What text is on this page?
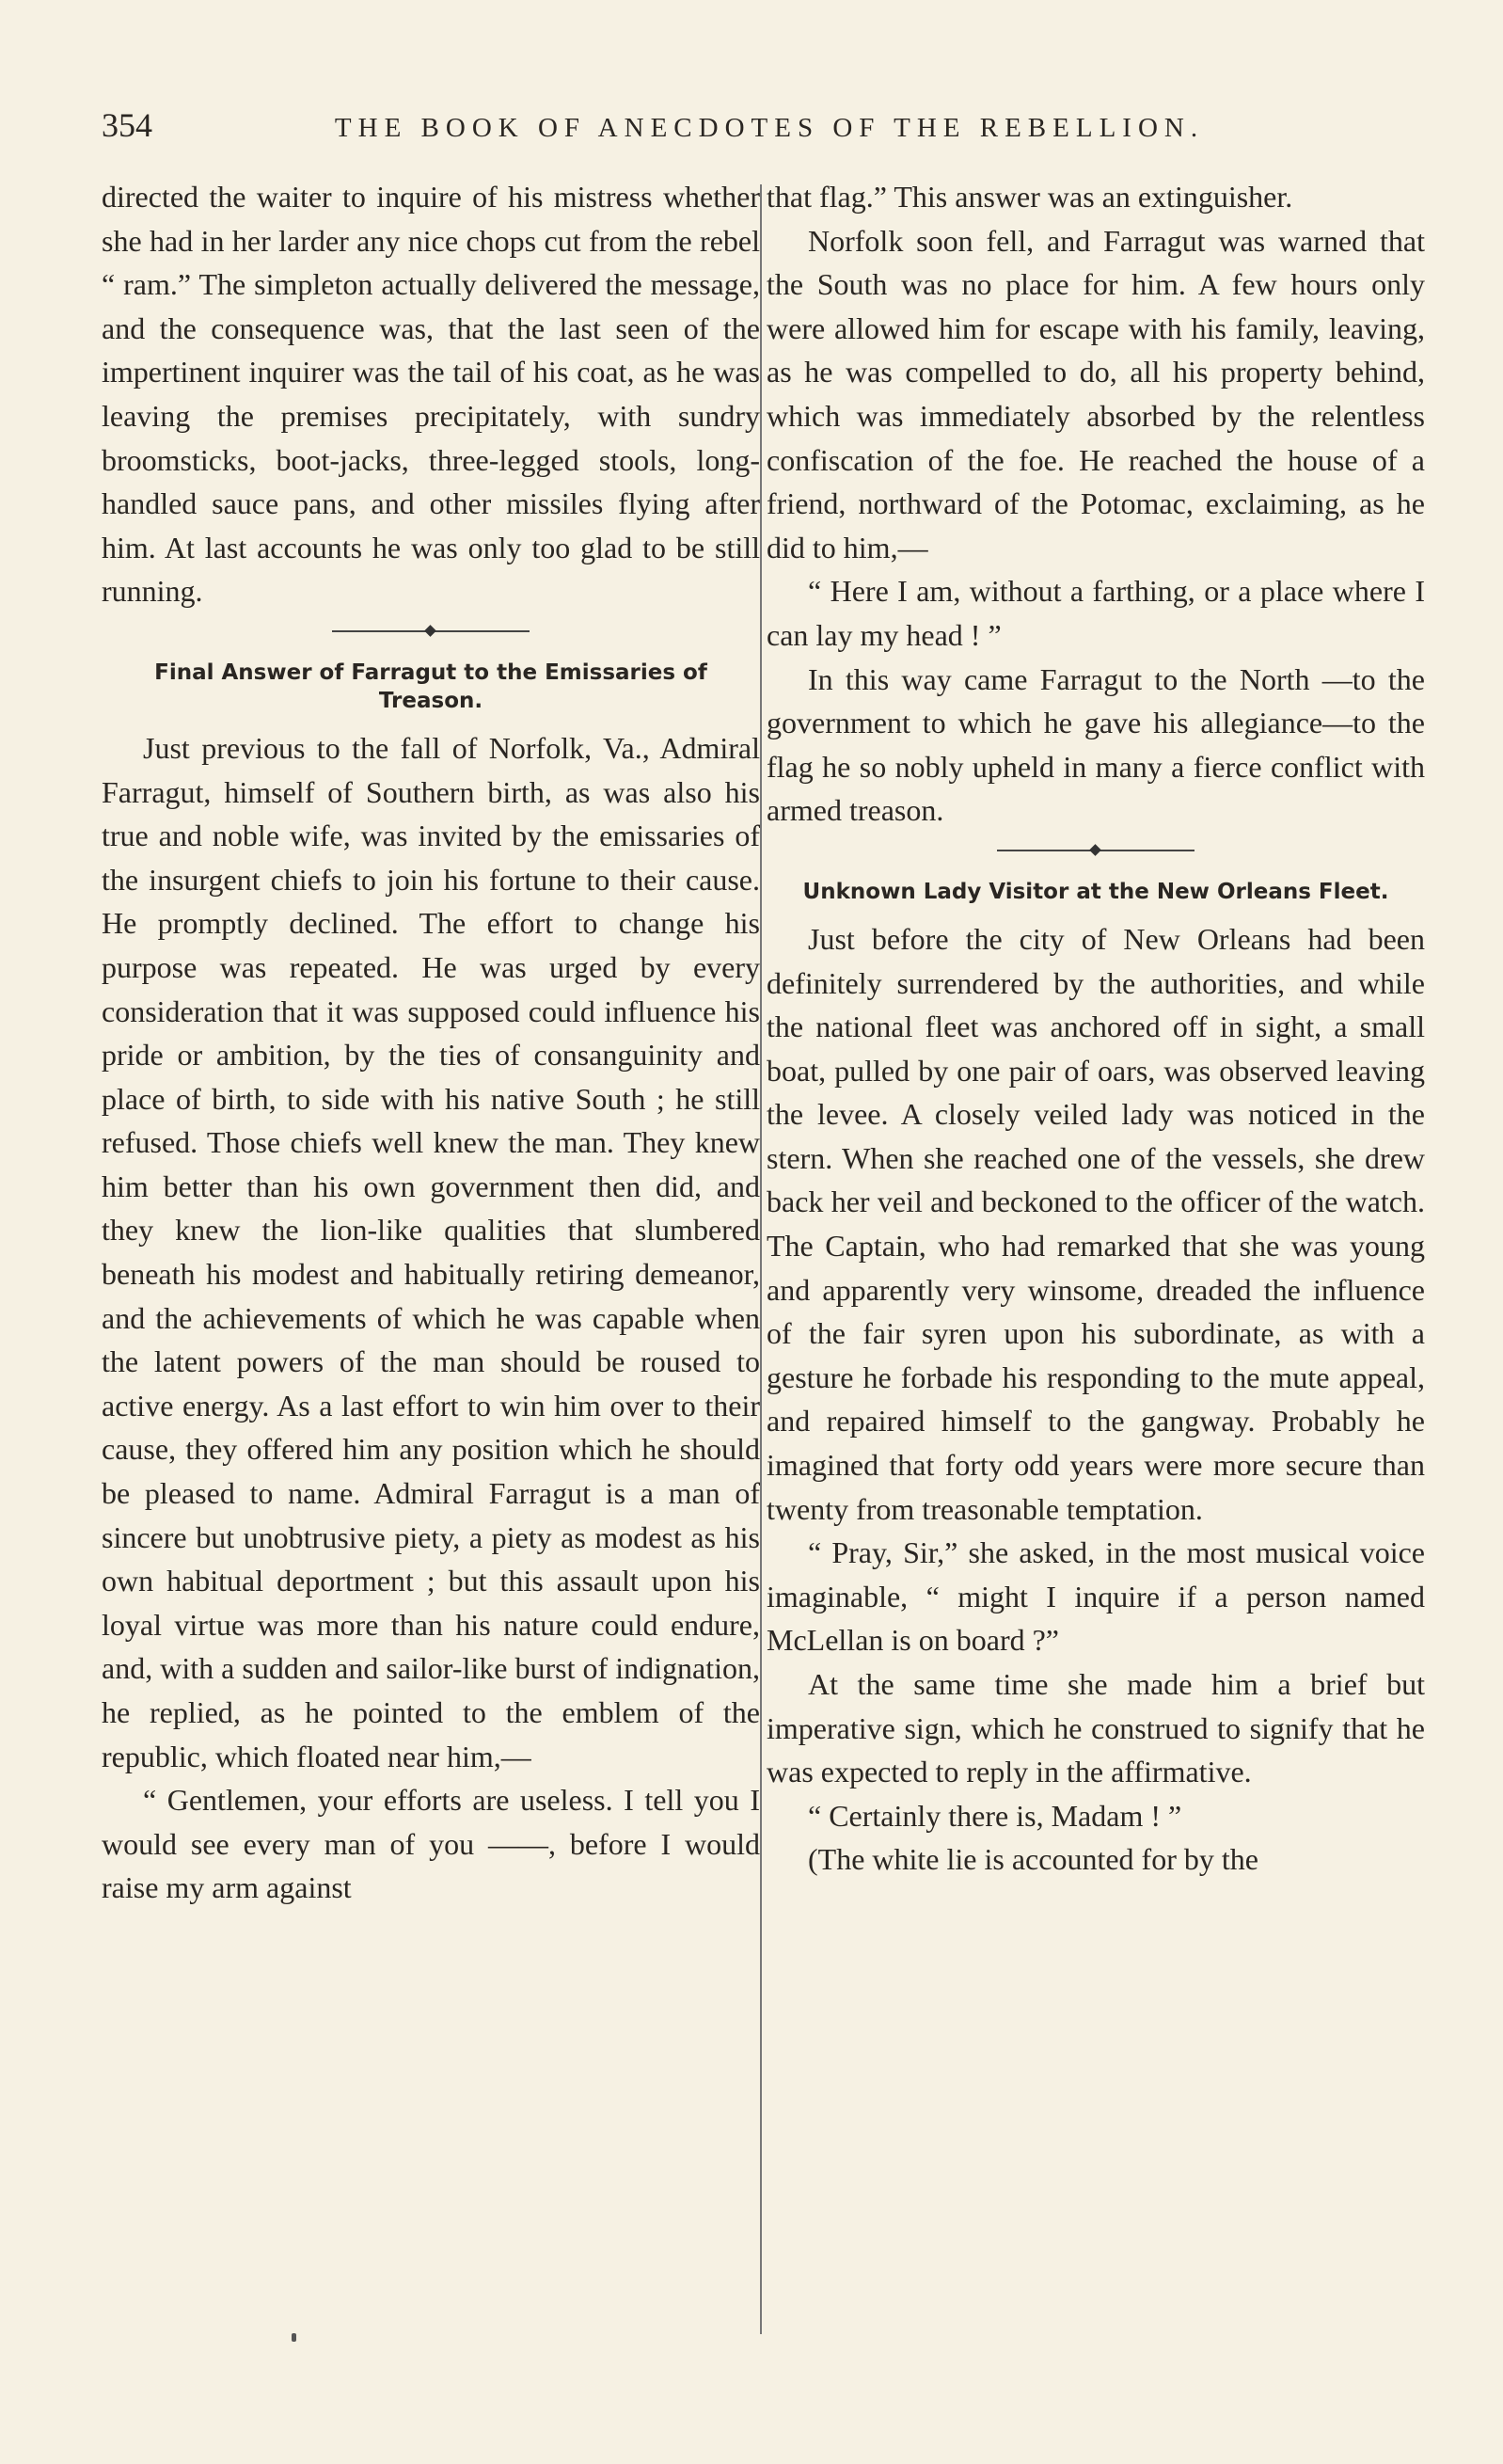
354	THE BOOK OF ANECDOTES OF THE REBELLION.

directed the waiter to inquire of his mistress whether she had in her larder any nice chops cut from the rebel “ ram.” The simpleton actually delivered the message, and the consequence was, that the last seen of the impertinent inquirer was the tail of his coat, as he was leaving the premises precipitately, with sundry broomsticks, boot-jacks, three-legged stools, long-handled sauce pans, and other missiles flying after him. At last accounts he was only too glad to be still running.

Final Answer of Farragut to the Emissaries of Treason.

Just previous to the fall of Norfolk, Va., Admiral Farragut, himself of Southern birth, as was also his true and noble wife, was invited by the emissaries of the insurgent chiefs to join his fortune to their cause. He promptly declined. The effort to change his purpose was repeated. He was urged by every consideration that it was supposed could influence his pride or ambition, by the ties of consanguinity and place of birth, to side with his native South ; he still refused. Those chiefs well knew the man. They knew him better than his own government then did, and they knew the lion-like qualities that slumbered beneath his modest and habitually retiring demeanor, and the achievements of which he was capable when the latent powers of the man should be roused to active energy. As a last effort to win him over to their cause, they offered him any position which he should be pleased to name. Admiral Farragut is a man of sincere but unobtrusive piety, a piety as modest as his own habitual deportment ; but this assault upon his loyal virtue was more than his nature could endure, and, with a sudden and sailor-like burst of indignation, he replied, as he pointed to the emblem of the republic, which floated near him,—

“ Gentlemen, your efforts are useless. I tell you I would see every man of you ——, before I would raise my arm against

that flag.” This answer was an extinguisher.

Norfolk soon fell, and Farragut was warned that the South was no place for him. A few hours only were allowed him for escape with his family, leaving, as he was compelled to do, all his property behind, which was immediately absorbed by the relentless confiscation of the foe. He reached the house of a friend, northward of the Potomac, exclaiming, as he did to him,—

“ Here I am, without a farthing, or a place where I can lay my head ! ”

In this way came Farragut to the North —to the government to which he gave his allegiance—to the flag he so nobly upheld in many a fierce conflict with armed treason.

Unknown Lady Visitor at the New Orleans Fleet.

Just before the city of New Orleans had been definitely surrendered by the authorities, and while the national fleet was anchored off in sight, a small boat, pulled by one pair of oars, was observed leaving the levee. A closely veiled lady was noticed in the stern. When she reached one of the vessels, she drew back her veil and beckoned to the officer of the watch. The Captain, who had remarked that she was young and apparently very winsome, dreaded the influence of the fair syren upon his subordinate, as with a gesture he forbade his responding to the mute appeal, and repaired himself to the gangway. Probably he imagined that forty odd years were more secure than twenty from treasonable temptation.

“ Pray, Sir,” she asked, in the most musical voice imaginable, “ might I inquire if a person named McLellan is on board ?”

At the same time she made him a brief but imperative sign, which he construed to signify that he was expected to reply in the affirmative.

“ Certainly there is, Madam ! ”

(The white lie is accounted for by the
